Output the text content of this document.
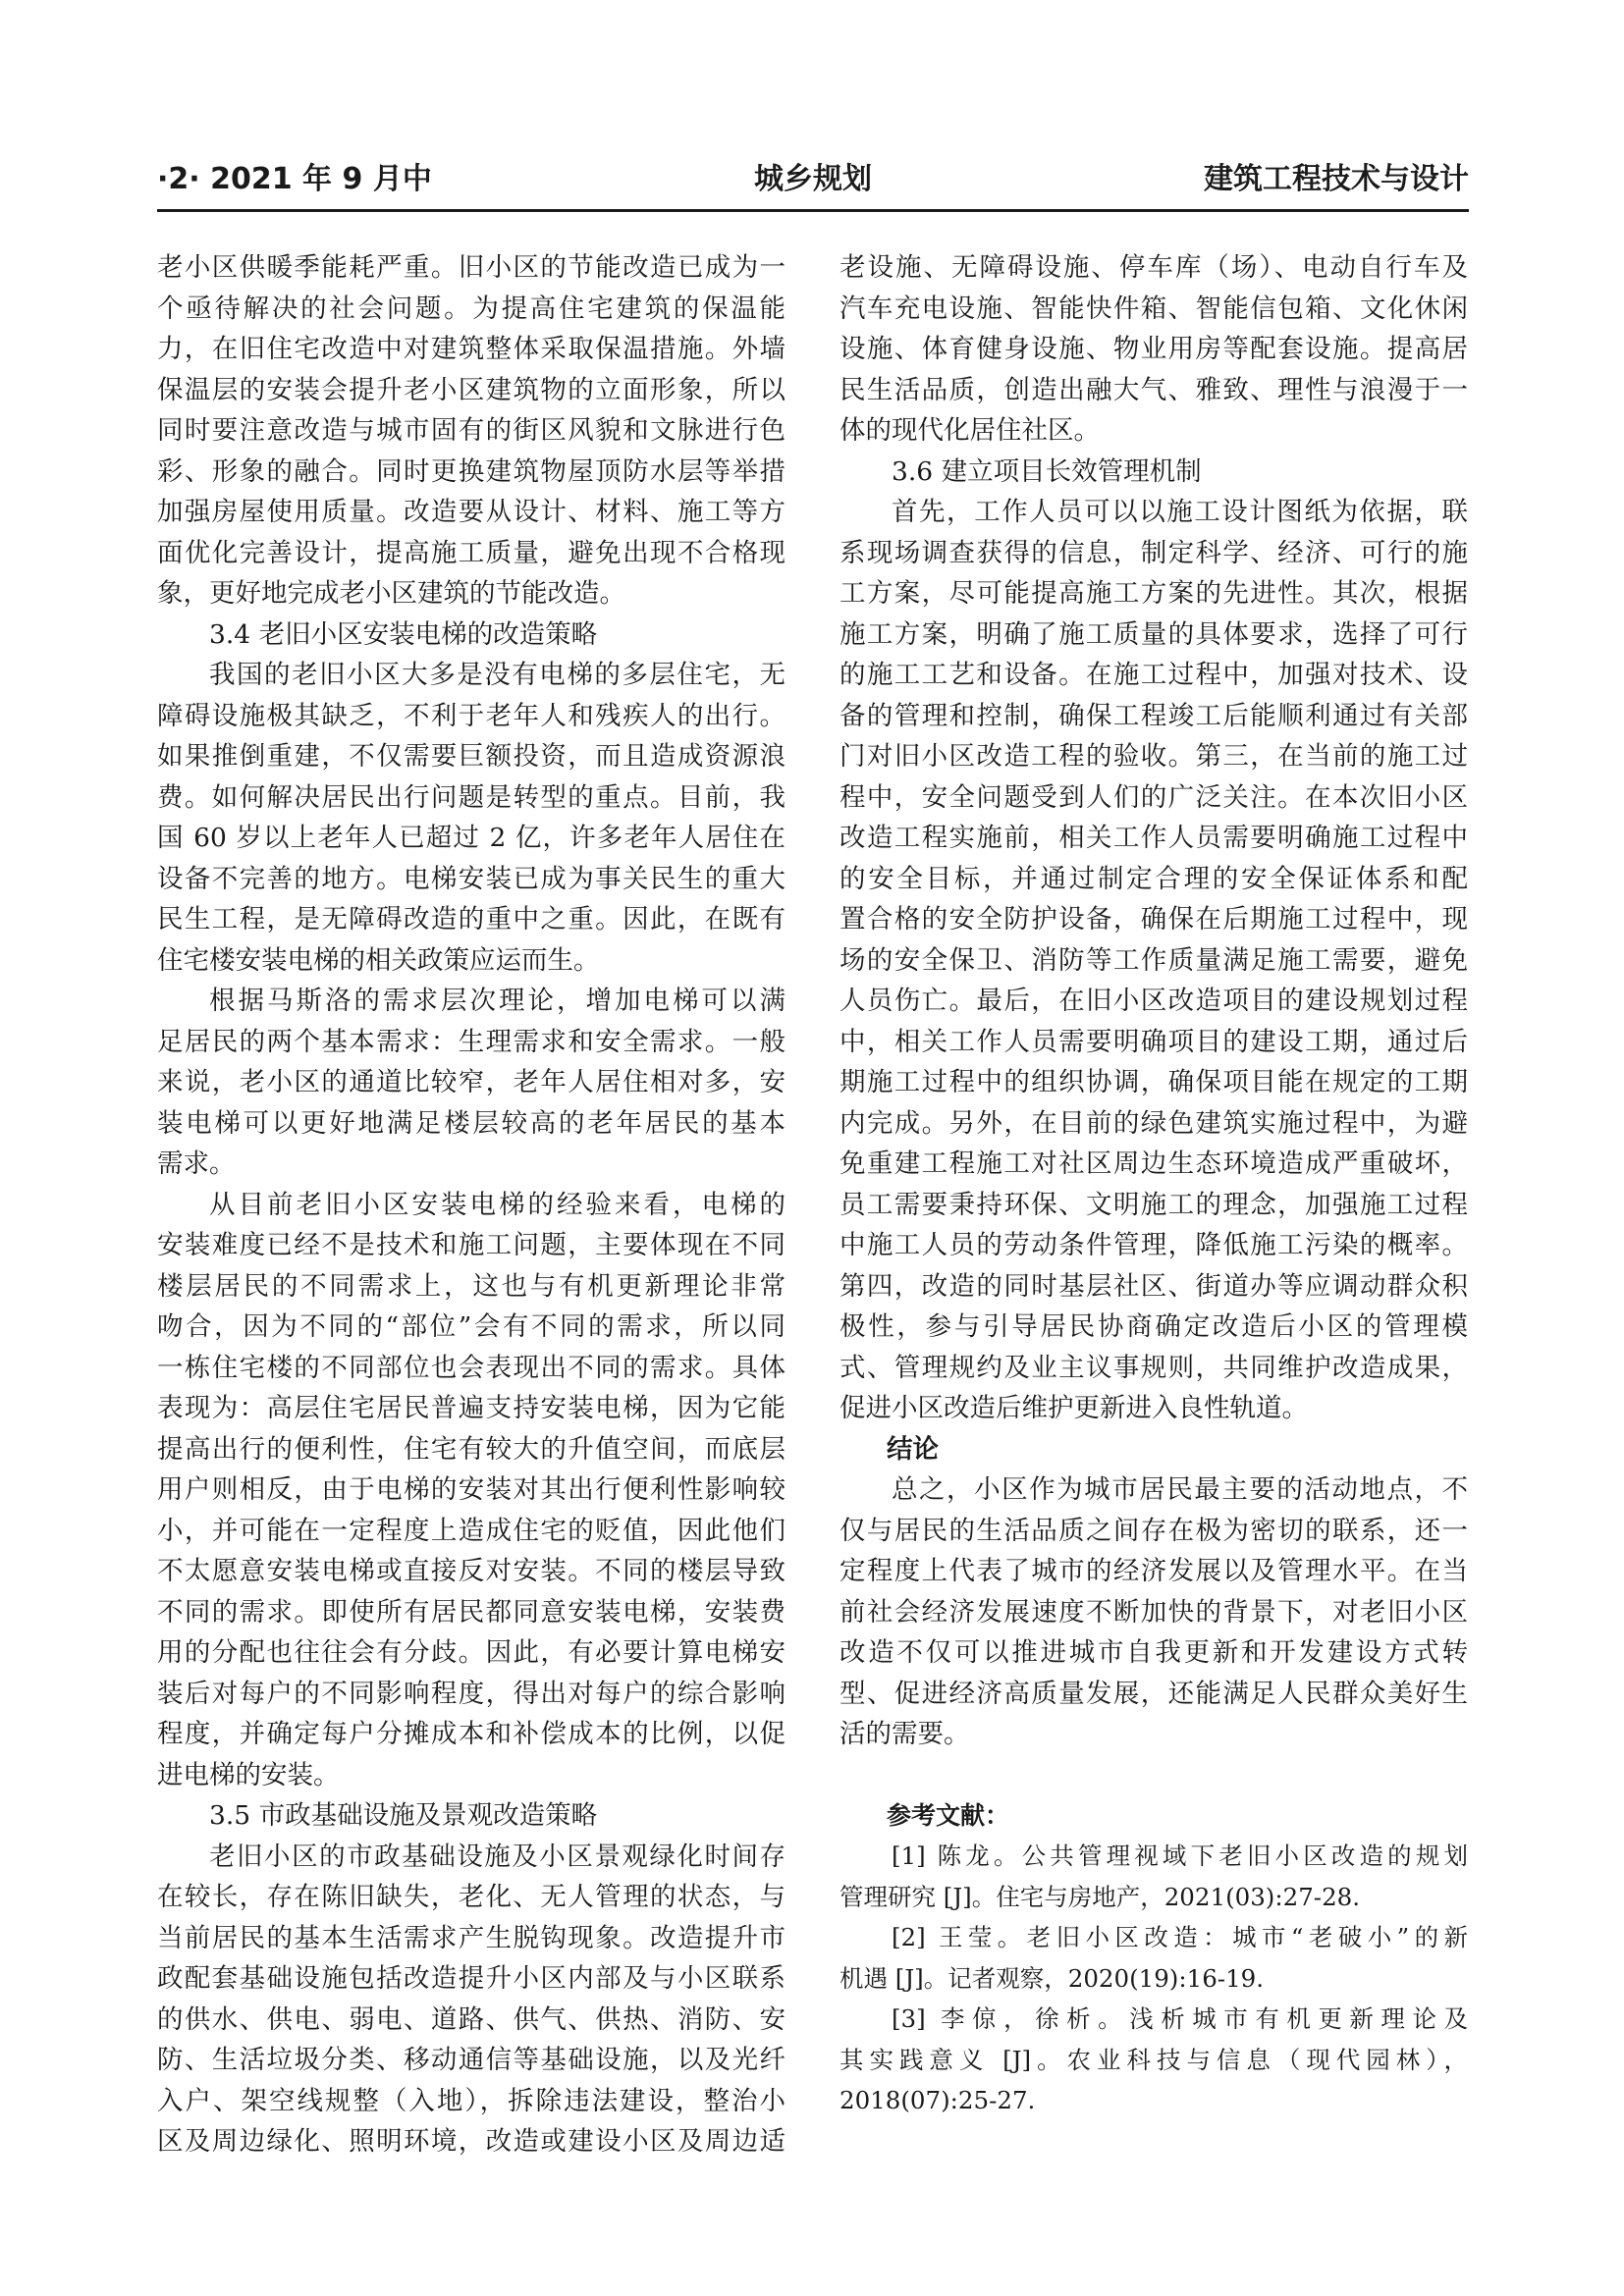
·2· 2021 年 9 月中	城乡规划	建筑工程技术与设计
老小区供暖季能耗严重。旧小区的节能改造已成为一
个亟待解决的社会问题。为提高住宅建筑的保温能
力，在旧住宅改造中对建筑整体采取保温措施。外墙
保温层的安装会提升老小区建筑物的立面形象，所以
同时要注意改造与城市固有的街区风貌和文脉进行色
彩、形象的融合。同时更换建筑物屋顶防水层等举措
加强房屋使用质量。改造要从设计、材料、施工等方
面优化完善设计，提高施工质量，避免出现不合格现
象，更好地完成老小区建筑的节能改造。
3.4 老旧小区安装电梯的改造策略
我国的老旧小区大多是没有电梯的多层住宅，无
障碍设施极其缺乏，不利于老年人和残疾人的出行。
如果推倒重建，不仅需要巨额投资，而且造成资源浪
费。如何解决居民出行问题是转型的重点。目前，我
国 60 岁以上老年人已超过 2 亿，许多老年人居住在
设备不完善的地方。电梯安装已成为事关民生的重大
民生工程，是无障碍改造的重中之重。因此，在既有
住宅楼安装电梯的相关政策应运而生。
根据马斯洛的需求层次理论，增加电梯可以满
足居民的两个基本需求：生理需求和安全需求。一般
来说，老小区的通道比较窄，老年人居住相对多，安
装电梯可以更好地满足楼层较高的老年居民的基本
需求。
从目前老旧小区安装电梯的经验来看，电梯的
安装难度已经不是技术和施工问题，主要体现在不同
楼层居民的不同需求上，这也与有机更新理论非常
吻合，因为不同的“部位”会有不同的需求，所以同
一栋住宅楼的不同部位也会表现出不同的需求。具体
表现为：高层住宅居民普遍支持安装电梯，因为它能
提高出行的便利性，住宅有较大的升值空间，而底层
用户则相反，由于电梯的安装对其出行便利性影响较
小，并可能在一定程度上造成住宅的贬值，因此他们
不太愿意安装电梯或直接反对安装。不同的楼层导致
不同的需求。即使所有居民都同意安装电梯，安装费
用的分配也往往会有分歧。因此，有必要计算电梯安
装后对每户的不同影响程度，得出对每户的综合影响
程度，并确定每户分摊成本和补偿成本的比例，以促
进电梯的安装。
3.5 市政基础设施及景观改造策略
老旧小区的市政基础设施及小区景观绿化时间存
在较长，存在陈旧缺失，老化、无人管理的状态，与
当前居民的基本生活需求产生脱钩现象。改造提升市
政配套基础设施包括改造提升小区内部及与小区联系
的供水、供电、弱电、道路、供气、供热、消防、安
防、生活垃圾分类、移动通信等基础设施，以及光纤
入户、架空线规整（入地），拆除违法建设，整治小
区及周边绿化、照明环境，改造或建设小区及周边适
老设施、无障碍设施、停车库（场）、电动自行车及
汽车充电设施、智能快件箱、智能信包箱、文化休闲
设施、体育健身设施、物业用房等配套设施。提高居
民生活品质，创造出融大气、雅致、理性与浪漫于一
体的现代化居住社区。
3.6 建立项目长效管理机制
首先，工作人员可以以施工设计图纸为依据，联
系现场调查获得的信息，制定科学、经济、可行的施
工方案，尽可能提高施工方案的先进性。其次，根据
施工方案，明确了施工质量的具体要求，选择了可行
的施工工艺和设备。在施工过程中，加强对技术、设
备的管理和控制，确保工程竣工后能顺利通过有关部
门对旧小区改造工程的验收。第三，在当前的施工过
程中，安全问题受到人们的广泛关注。在本次旧小区
改造工程实施前，相关工作人员需要明确施工过程中
的安全目标，并通过制定合理的安全保证体系和配
置合格的安全防护设备，确保在后期施工过程中，现
场的安全保卫、消防等工作质量满足施工需要，避免
人员伤亡。最后，在旧小区改造项目的建设规划过程
中，相关工作人员需要明确项目的建设工期，通过后
期施工过程中的组织协调，确保项目能在规定的工期
内完成。另外，在目前的绿色建筑实施过程中，为避
免重建工程施工对社区周边生态环境造成严重破坏，
员工需要秉持环保、文明施工的理念，加强施工过程
中施工人员的劳动条件管理，降低施工污染的概率。
第四，改造的同时基层社区、街道办等应调动群众积
极性，参与引导居民协商确定改造后小区的管理模
式、管理规约及业主议事规则，共同维护改造成果，
促进小区改造后维护更新进入良性轨道。
结论
总之，小区作为城市居民最主要的活动地点，不
仅与居民的生活品质之间存在极为密切的联系，还一
定程度上代表了城市的经济发展以及管理水平。在当
前社会经济发展速度不断加快的背景下，对老旧小区
改造不仅可以推进城市自我更新和开发建设方式转
型、促进经济高质量发展，还能满足人民群众美好生
活的需要。
参考文献：
[1] 陈龙。公共管理视域下老旧小区改造的规划
管理研究 [J]。住宅与房地产，2021(03):27-28.
[2] 王莹。老旧小区改造：城市“老破小”的新
机遇 [J]。记者观察，2020(19):16-19.
[3] 李倞，徐析。浅析城市有机更新理论及
其实践意义 [J]。农业科技与信息（现代园林），
2018(07):25-27.
